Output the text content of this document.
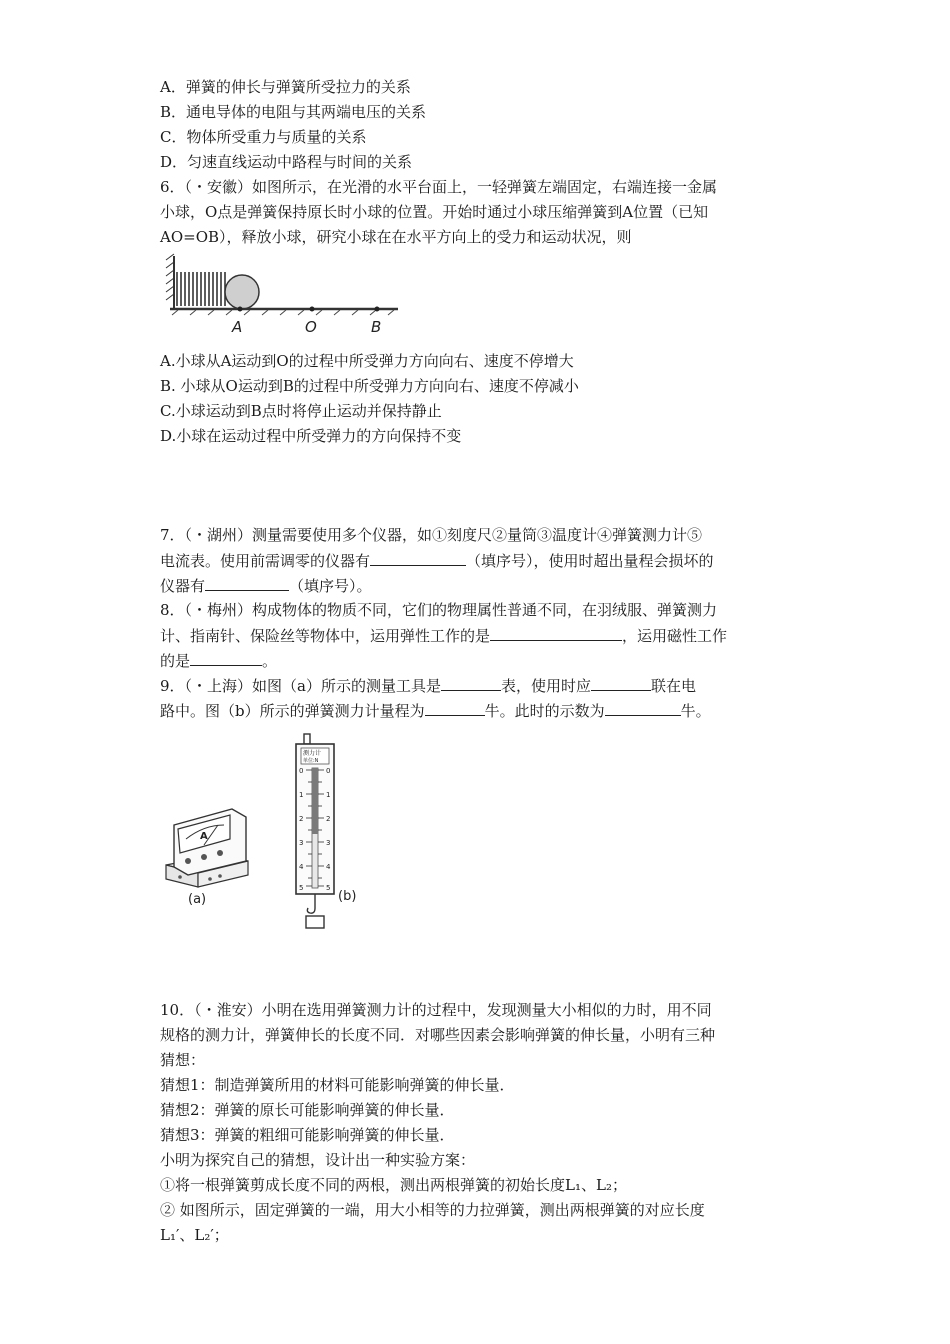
A．弹簧的伸长与弹簧所受拉力的关系
B．通电导体的电阻与其两端电压的关系
C．物体所受重力与质量的关系
D．匀速直线运动中路程与时间的关系
6．（・安徽）如图所示，在光滑的水平台面上，一轻弹簧左端固定，右端连接一金属
小球，O点是弹簧保持原长时小球的位置。开始时通过小球压缩弹簧到A位置（已知
AO=OB），释放小球，研究小球在在水平方向上的受力和运动状况，则
A	O	B
A.小球从A运动到O的过程中所受弹力方向向右、速度不停增大
B. 小球从O运动到B的过程中所受弹力方向向右、速度不停减小
C.小球运动到B点时将停止运动并保持静止
D.小球在运动过程中所受弹力的方向保持不变
7．（・湖州）测量需要使用多个仪器，如①刻度尺②量筒③温度计④弹簧测力计⑤
电流表。使用前需调零的仪器有	（填序号），使用时超出量程会损坏的
仪器有	（填序号）。
8．（・梅州）构成物体的物质不同，它们的物理属性普通不同，在羽绒服、弹簧测力
计、指南针、保险丝等物体中，运用弹性工作的是	，运用磁性工作
的是	。
9．（・上海）如图（a）所示的测量工具是	表，使用时应	联在电
路中。图（b）所示的弹簧测力计量程为	牛。此时的示数为	牛。
A
(a)
测力计
单位:N
0
1
2
3
4
5
0
1
2
3
4
5
(b)
10．（・淮安）小明在选用弹簧测力计的过程中，发现测量大小相似的力时，用不同
规格的测力计，弹簧伸长的长度不同．对哪些因素会影响弹簧的伸长量，小明有三种
猜想：
猜想1：制造弹簧所用的材料可能影响弹簧的伸长量．
猜想2：弹簧的原长可能影响弹簧的伸长量．
猜想3：弹簧的粗细可能影响弹簧的伸长量．
小明为探究自己的猜想，设计出一种实验方案：
①将一根弹簧剪成长度不同的两根，测出两根弹簧的初始长度L₁、L₂；
② 如图所示，固定弹簧的一端，用大小相等的力拉弹簧，测出两根弹簧的对应长度
L₁′、L₂′；
